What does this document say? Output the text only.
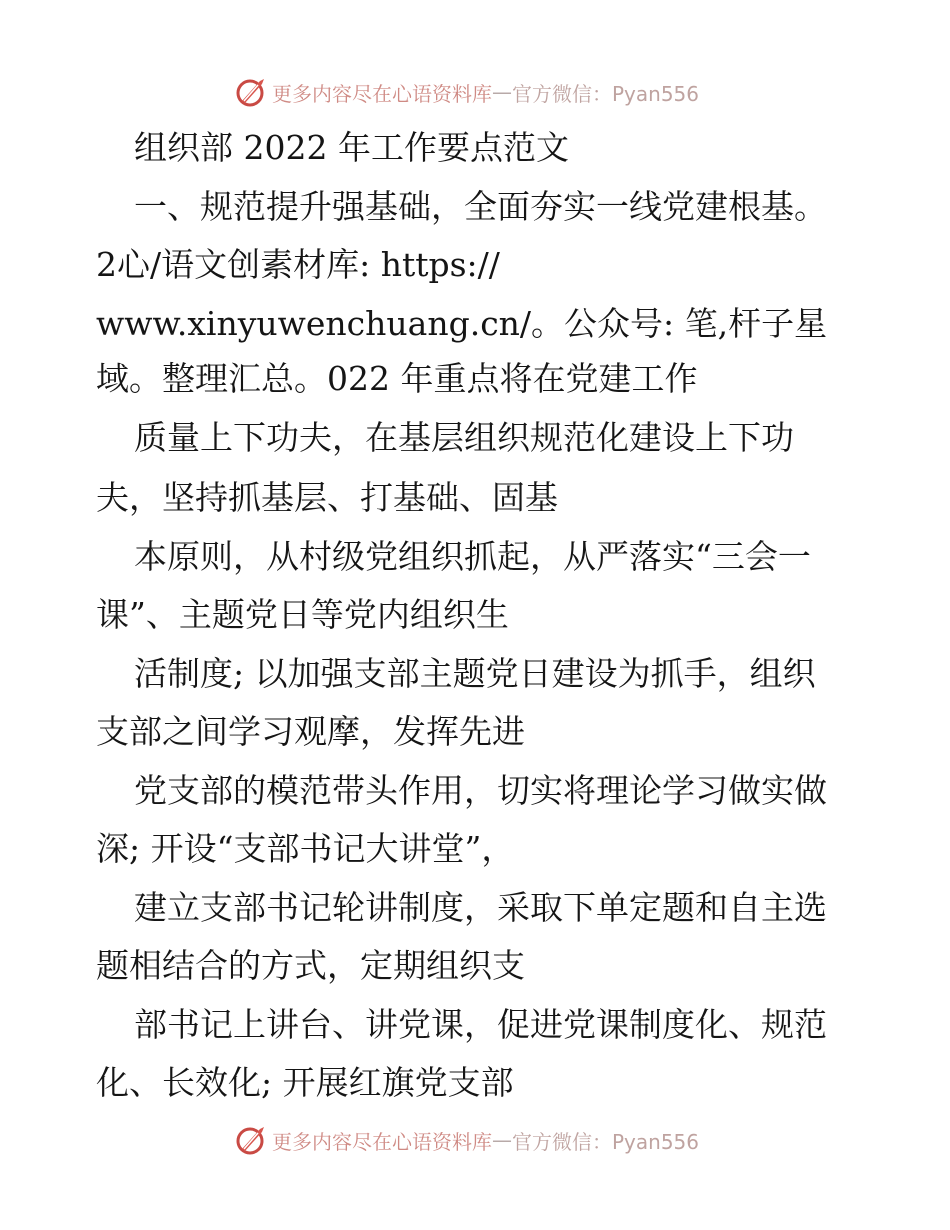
更多内容尽在心语资料库 — 官方微信：Pyan556
组织部 2022 年工作要点范文
一、规范提升强基础，全面夯实一线党建根基。
2心/语文创素材库: https://
www.xinyuwenchuang.cn/。公众号: 笔,杆子星
域。整理汇总。022 年重点将在党建工作
质量上下功夫，在基层组织规范化建设上下功
夫，坚持抓基层、打基础、固基
本原则，从村级党组织抓起，从严落实“三会一
课”、主题党日等党内组织生
活制度; 以加强支部主题党日建设为抓手，组织
支部之间学习观摩，发挥先进
党支部的模范带头作用，切实将理论学习做实做
深; 开设“支部书记大讲堂”，
建立支部书记轮讲制度，采取下单定题和自主选
题相结合的方式，定期组织支
部书记上讲台、讲党课，促进党课制度化、规范
化、长效化; 开展红旗党支部
更多内容尽在心语资料库 — 官方微信：Pyan556
